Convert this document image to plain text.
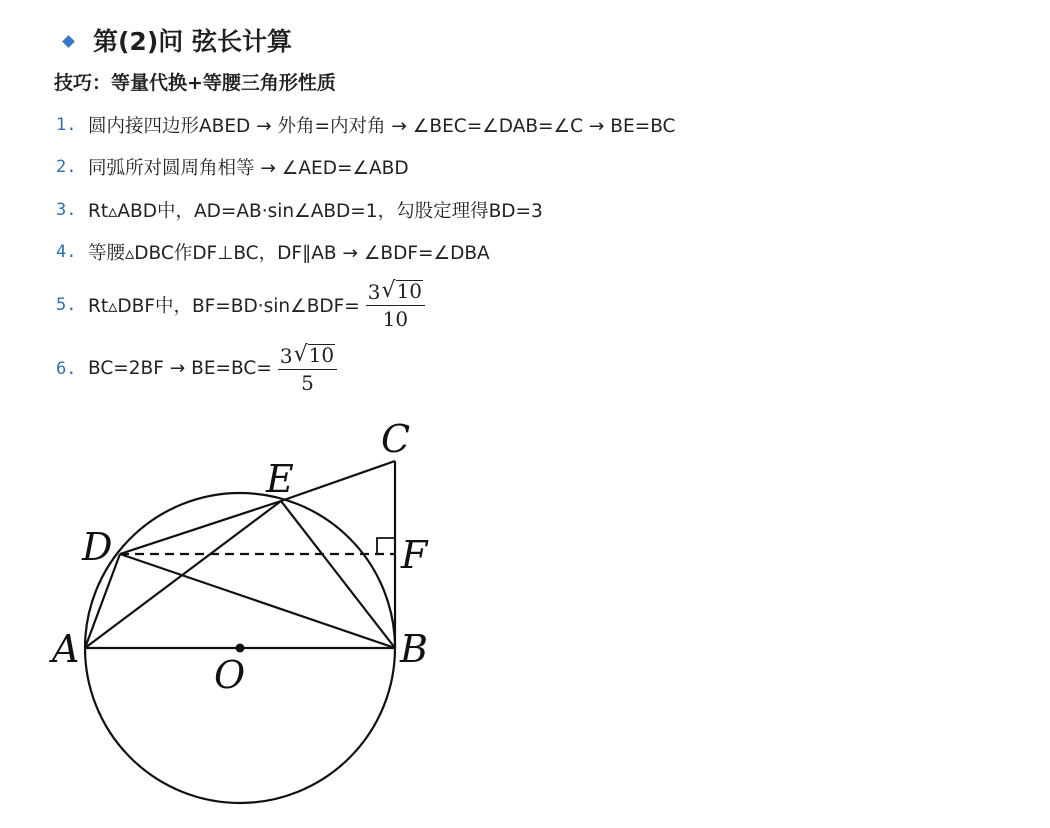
第(2)问 弦长计算
技巧：等量代换+等腰三角形性质
1. 圆内接四边形ABED → 外角=内对角 → ∠BEC=∠DAB=∠C → BE=BC
2. 同弧所对圆周角相等 → ∠AED=∠ABD
3. Rt▵ABD中，AD=AB·sin∠ABD=1，勾股定理得BD=3
4. 等腰▵DBC作DF⊥BC，DF∥AB → ∠BDF=∠DBA
5. Rt▵DBF中，BF=BD·sin∠BDF= $\frac{3 √ 10}{10}$
6. $BC=2BF \to BE=BC= \frac{3 √ 10}{5}$
A	B
C
D
E
F
O
